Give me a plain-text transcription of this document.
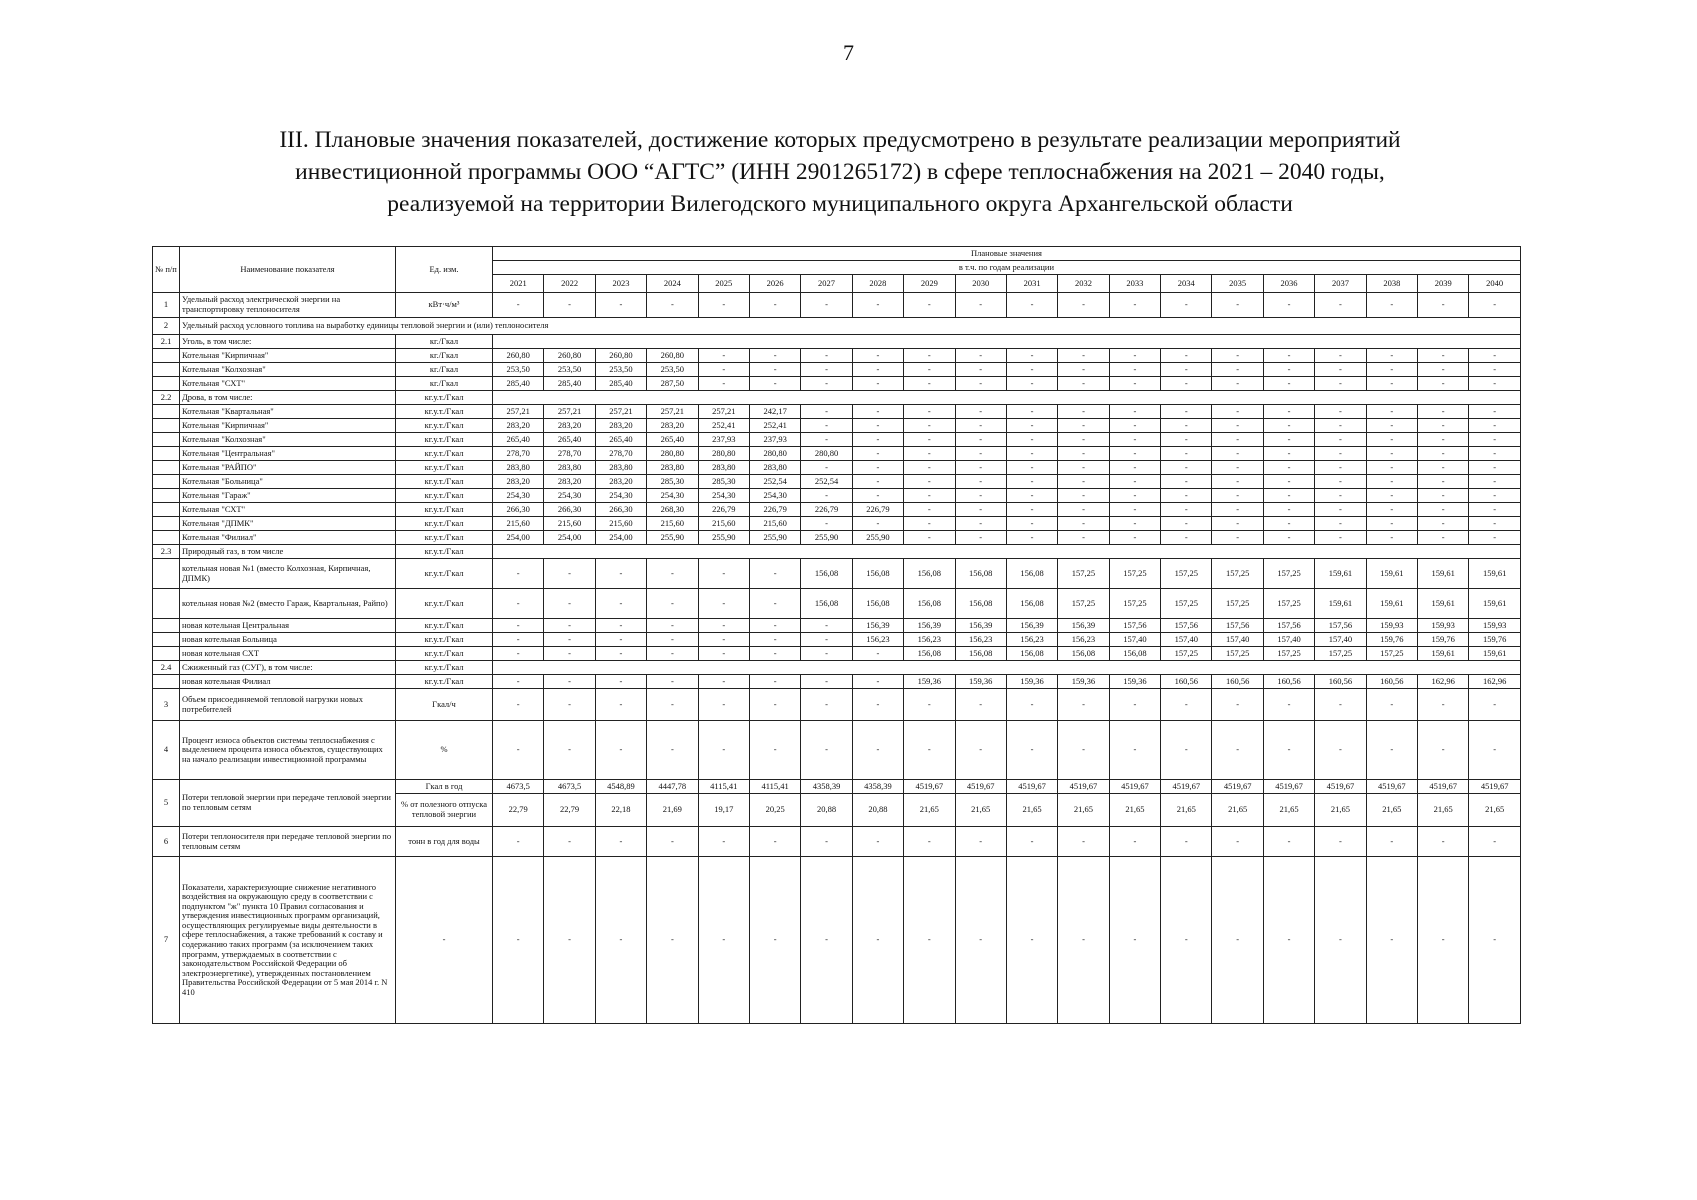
7
III. Плановые значения показателей, достижение которых предусмотрено в результате реализации мероприятий
инвестиционной программы ООО “АГТС” (ИНН 2901265172) в сфере теплоснабжения на 2021 – 2040 годы,
реализуемой на территории Вилегодского муниципального округа Архангельской области
№ п/п	Наименование показателя	Ед. изм.	Плановые значения																			
			в т.ч. по годам реализации																			
			2021	2022	2023	2024	2025	2026	2027	2028	2029	2030	2031	2032	2033	2034	2035	2036	2037	2038	2039	2040
1	Удельный расход электрической энергии на транспортировку теплоносителя	кВт·ч/м³	-	-	-	-	-	-	-	-	-	-	-	-	-	-	-	-	-	-	-	-
2	Удельный расход условного топлива на выработку единицы тепловой энергии и (или) теплоносителя																					
2.1	Уголь, в том числе:	кг./Гкал																				
	Котельная "Кирпичная"	кг./Гкал	260,80	260,80	260,80	260,80	-	-	-	-	-	-	-	-	-	-	-	-	-	-	-	-
	Котельная "Колхозная"	кг./Гкал	253,50	253,50	253,50	253,50	-	-	-	-	-	-	-	-	-	-	-	-	-	-	-	-
	Котельная "СХТ"	кг./Гкал	285,40	285,40	285,40	287,50	-	-	-	-	-	-	-	-	-	-	-	-	-	-	-	-
2.2	Дрова, в том числе:	кг.у.т./Гкал																				
	Котельная "Квартальная"	кг.у.т./Гкал	257,21	257,21	257,21	257,21	257,21	242,17	-	-	-	-	-	-	-	-	-	-	-	-	-	-
	Котельная "Кирпичная"	кг.у.т./Гкал	283,20	283,20	283,20	283,20	252,41	252,41	-	-	-	-	-	-	-	-	-	-	-	-	-	-
	Котельная "Колхозная"	кг.у.т./Гкал	265,40	265,40	265,40	265,40	237,93	237,93	-	-	-	-	-	-	-	-	-	-	-	-	-	-
	Котельная "Центральная"	кг.у.т./Гкал	278,70	278,70	278,70	280,80	280,80	280,80	280,80	-	-	-	-	-	-	-	-	-	-	-	-	-
	Котельная "РАЙПО"	кг.у.т./Гкал	283,80	283,80	283,80	283,80	283,80	283,80	-	-	-	-	-	-	-	-	-	-	-	-	-	-
	Котельная "Больница"	кг.у.т./Гкал	283,20	283,20	283,20	285,30	285,30	252,54	252,54	-	-	-	-	-	-	-	-	-	-	-	-	-
	Котельная "Гараж"	кг.у.т./Гкал	254,30	254,30	254,30	254,30	254,30	254,30	-	-	-	-	-	-	-	-	-	-	-	-	-	-
	Котельная "СХТ"	кг.у.т./Гкал	266,30	266,30	266,30	268,30	226,79	226,79	226,79	226,79	-	-	-	-	-	-	-	-	-	-	-	-
	Котельная "ДПМК"	кг.у.т./Гкал	215,60	215,60	215,60	215,60	215,60	215,60	-	-	-	-	-	-	-	-	-	-	-	-	-	-
	Котельная "Филиал"	кг.у.т./Гкал	254,00	254,00	254,00	255,90	255,90	255,90	255,90	255,90	-	-	-	-	-	-	-	-	-	-	-	-
2.3	Природный газ, в том числе	кг.у.т./Гкал																				
	котельная новая №1 (вместо Колхозная, Кирпичная, ДПМК)	кг.у.т./Гкал	-	-	-	-	-	-	156,08	156,08	156,08	156,08	156,08	157,25	157,25	157,25	157,25	157,25	159,61	159,61	159,61	159,61
	котельная новая №2 (вместо Гараж, Квартальная, Райпо)	кг.у.т./Гкал	-	-	-	-	-	-	156,08	156,08	156,08	156,08	156,08	157,25	157,25	157,25	157,25	157,25	159,61	159,61	159,61	159,61
	новая котельная Центральная	кг.у.т./Гкал	-	-	-	-	-	-	-	156,39	156,39	156,39	156,39	156,39	157,56	157,56	157,56	157,56	157,56	159,93	159,93	159,93
	новая котельная Больница	кг.у.т./Гкал	-	-	-	-	-	-	-	156,23	156,23	156,23	156,23	156,23	157,40	157,40	157,40	157,40	157,40	159,76	159,76	159,76
	новая котельная СХТ	кг.у.т./Гкал	-	-	-	-	-	-	-	-	156,08	156,08	156,08	156,08	156,08	157,25	157,25	157,25	157,25	157,25	159,61	159,61
2.4	Сжиженный газ (СУГ), в том числе:	кг.у.т./Гкал																				
	новая котельная Филиал	кг.у.т./Гкал	-	-	-	-	-	-	-	-	159,36	159,36	159,36	159,36	159,36	160,56	160,56	160,56	160,56	160,56	162,96	162,96
3	Объем присоединяемой тепловой нагрузки новых потребителей	Гкал/ч	-	-	-	-	-	-	-	-	-	-	-	-	-	-	-	-	-	-	-	-
4	Процент износа объектов системы теплоснабжения с выделением процента износа объектов, существующих на начало реализации инвестиционной программы	%	-	-	-	-	-	-	-	-	-	-	-	-	-	-	-	-	-	-	-	-
5	Потери тепловой энергии при передаче тепловой энергии по тепловым сетям	Гкал в год	4673,5	4673,5	4548,89	4447,78	4115,41	4115,41	4358,39	4358,39	4519,67	4519,67	4519,67	4519,67	4519,67	4519,67	4519,67	4519,67	4519,67	4519,67	4519,67	4519,67
		% от полезного отпуска тепловой энергии	22,79	22,79	22,18	21,69	19,17	20,25	20,88	20,88	21,65	21,65	21,65	21,65	21,65	21,65	21,65	21,65	21,65	21,65	21,65	21,65
6	Потери теплоносителя при передаче тепловой энергии по тепловым сетям	тонн в год для воды	-	-	-	-	-	-	-	-	-	-	-	-	-	-	-	-	-	-	-	-
7	Показатели, характеризующие снижение негативного воздействия на окружающую среду в соответствии с подпунктом "ж" пункта 10 Правил согласования и утверждения инвестиционных программ организаций, осуществляющих регулируемые виды деятельности в сфере теплоснабжения, а также требований к составу и содержанию таких программ (за исключением таких программ, утверждаемых в соответствии с законодательством Российской Федерации об электроэнергетике), утвержденных постановлением Правительства Российской Федерации от 5 мая 2014 г. N 410	-	-	-	-	-	-	-	-	-	-	-	-	-	-	-	-	-	-	-	-	-
